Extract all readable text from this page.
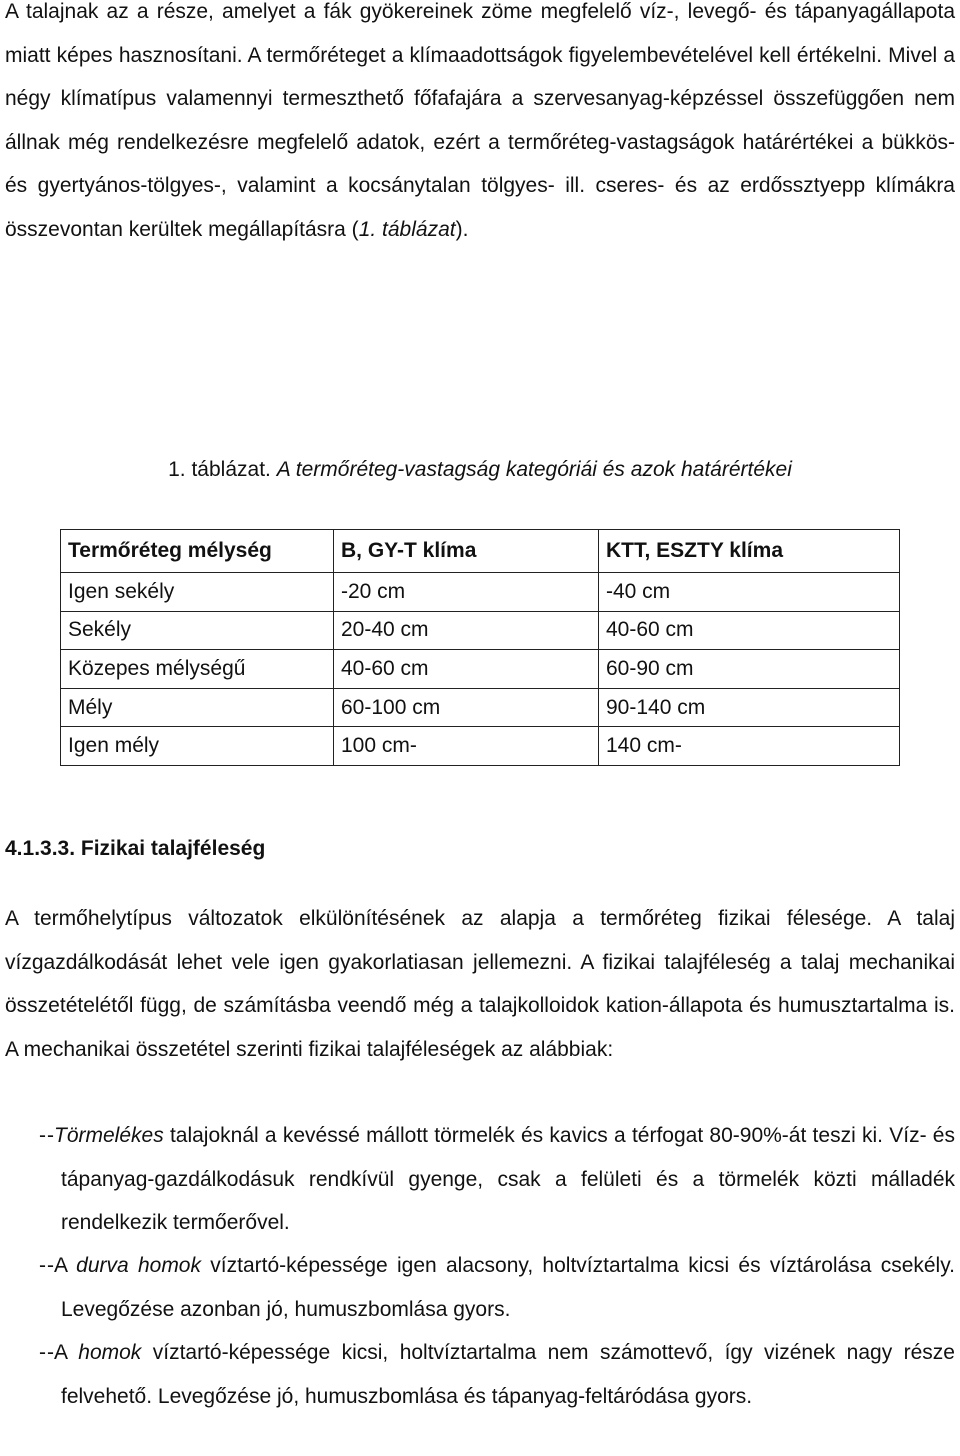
A talajnak az a része, amelyet a fák gyökereinek zöme megfelelő víz-, levegő- és tápanyagállapota miatt képes hasznosítani. A termőréteget a klímaadottságok figyelembevételével kell értékelni. Mivel a négy klímatípus valamennyi termeszthető főfafajára a szervesanyag-képzéssel összefüggően nem állnak még rendelkezésre megfelelő adatok, ezért a termőréteg-vastagságok határértékei a bükkös- és gyertyános-tölgyes-, valamint a kocsánytalan tölgyes- ill. cseres- és az erdőssztyepp klímákra összevontan kerültek megállapításra (1. táblázat).

1. táblázat. A termőréteg-vastagság kategóriái és azok határértékei

Termőréteg mélység	B, GY-T klíma	KTT, ESZTY klíma
Igen sekély	-20 cm	-40 cm
Sekély	20-40 cm	40-60 cm
Közepes mélységű	40-60 cm	60-90 cm
Mély	60-100 cm	90-140 cm
Igen mély	100 cm-	140 cm-
4.1.3.3. Fizikai talajféleség

A termőhelytípus változatok elkülönítésének az alapja a termőréteg fizikai félesége. A talaj vízgazdálkodását lehet vele igen gyakorlatiasan jellemezni. A fizikai talajféleség a talaj mechanikai összetételétől függ, de számításba veendő még a talajkolloidok kation-állapota és humusztartalma is. A mechanikai összetétel szerinti fizikai talajféleségek az alábbiak:

- -Törmelékes talajoknál a kevéssé mállott törmelék és kavics a térfogat 80-90%-át teszi ki. Víz- és tápanyag-gazdálkodásuk rendkívül gyenge, csak a felületi és a törmelék közti málladék rendelkezik termőerővel.
- -A durva homok víztartó-képessége igen alacsony, holtvíztartalma kicsi és víztárolása csekély. Levegőzése azonban jó, humuszbomlása gyors.
- -A homok víztartó-képessége kicsi, holtvíztartalma nem számottevő, így vizének nagy része felvehető. Levegőzése jó, humuszbomlása és tápanyag-feltáródása gyors.
